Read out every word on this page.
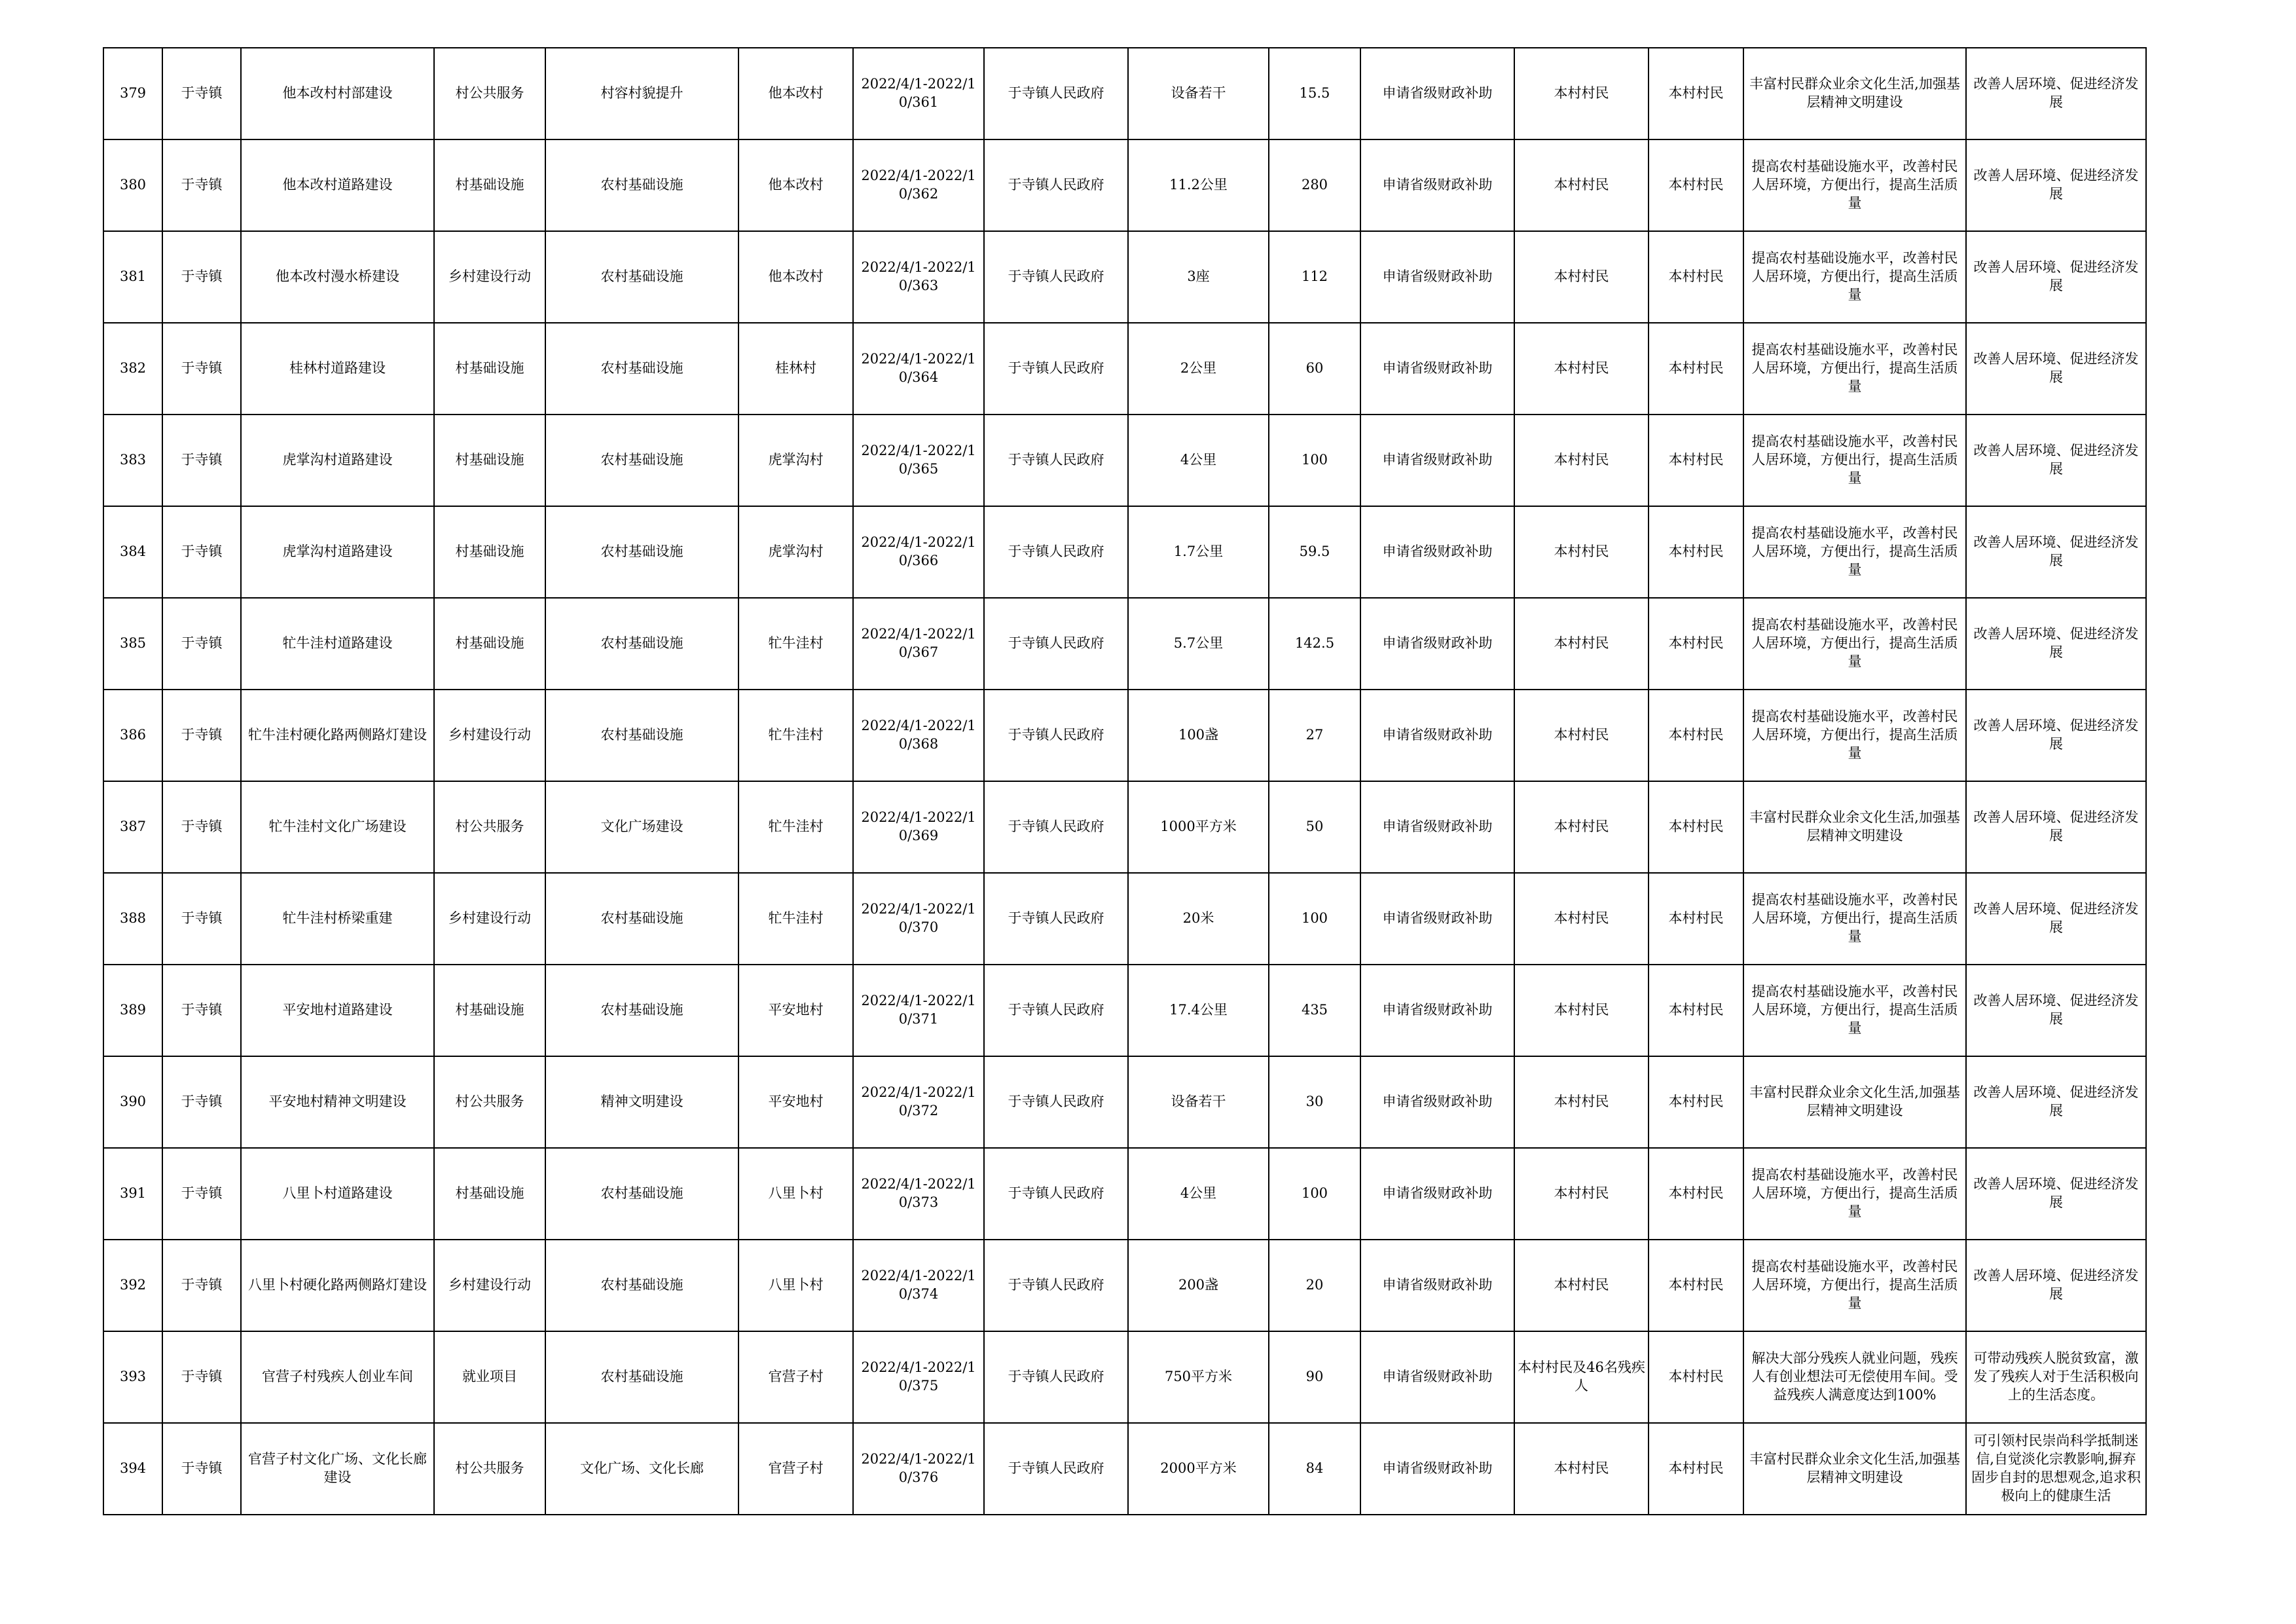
379	于寺镇	他本改村村部建设	村公共服务	村容村貌提升	他本改村	2022/4/1-2022/10/361	于寺镇人民政府	设备若干	15.5	申请省级财政补助	本村村民	本村村民	丰富村民群众业余文化生活,加强基层精神文明建设	改善人居环境、促进经济发展
380	于寺镇	他本改村道路建设	村基础设施	农村基础设施	他本改村	2022/4/1-2022/10/362	于寺镇人民政府	11.2公里	280	申请省级财政补助	本村村民	本村村民	提高农村基础设施水平，改善村民人居环境，方便出行，提高生活质量	改善人居环境、促进经济发展
381	于寺镇	他本改村漫水桥建设	乡村建设行动	农村基础设施	他本改村	2022/4/1-2022/10/363	于寺镇人民政府	3座	112	申请省级财政补助	本村村民	本村村民	提高农村基础设施水平，改善村民人居环境，方便出行，提高生活质量	改善人居环境、促进经济发展
382	于寺镇	桂林村道路建设	村基础设施	农村基础设施	桂林村	2022/4/1-2022/10/364	于寺镇人民政府	2公里	60	申请省级财政补助	本村村民	本村村民	提高农村基础设施水平，改善村民人居环境，方便出行，提高生活质量	改善人居环境、促进经济发展
383	于寺镇	虎掌沟村道路建设	村基础设施	农村基础设施	虎掌沟村	2022/4/1-2022/10/365	于寺镇人民政府	4公里	100	申请省级财政补助	本村村民	本村村民	提高农村基础设施水平，改善村民人居环境，方便出行，提高生活质量	改善人居环境、促进经济发展
384	于寺镇	虎掌沟村道路建设	村基础设施	农村基础设施	虎掌沟村	2022/4/1-2022/10/366	于寺镇人民政府	1.7公里	59.5	申请省级财政补助	本村村民	本村村民	提高农村基础设施水平，改善村民人居环境，方便出行，提高生活质量	改善人居环境、促进经济发展
385	于寺镇	牤牛洼村道路建设	村基础设施	农村基础设施	牤牛洼村	2022/4/1-2022/10/367	于寺镇人民政府	5.7公里	142.5	申请省级财政补助	本村村民	本村村民	提高农村基础设施水平，改善村民人居环境，方便出行，提高生活质量	改善人居环境、促进经济发展
386	于寺镇	牤牛洼村硬化路两侧路灯建设	乡村建设行动	农村基础设施	牤牛洼村	2022/4/1-2022/10/368	于寺镇人民政府	100盏	27	申请省级财政补助	本村村民	本村村民	提高农村基础设施水平，改善村民人居环境，方便出行，提高生活质量	改善人居环境、促进经济发展
387	于寺镇	牤牛洼村文化广场建设	村公共服务	文化广场建设	牤牛洼村	2022/4/1-2022/10/369	于寺镇人民政府	1000平方米	50	申请省级财政补助	本村村民	本村村民	丰富村民群众业余文化生活,加强基层精神文明建设	改善人居环境、促进经济发展
388	于寺镇	牤牛洼村桥梁重建	乡村建设行动	农村基础设施	牤牛洼村	2022/4/1-2022/10/370	于寺镇人民政府	20米	100	申请省级财政补助	本村村民	本村村民	提高农村基础设施水平，改善村民人居环境，方便出行，提高生活质量	改善人居环境、促进经济发展
389	于寺镇	平安地村道路建设	村基础设施	农村基础设施	平安地村	2022/4/1-2022/10/371	于寺镇人民政府	17.4公里	435	申请省级财政补助	本村村民	本村村民	提高农村基础设施水平，改善村民人居环境，方便出行，提高生活质量	改善人居环境、促进经济发展
390	于寺镇	平安地村精神文明建设	村公共服务	精神文明建设	平安地村	2022/4/1-2022/10/372	于寺镇人民政府	设备若干	30	申请省级财政补助	本村村民	本村村民	丰富村民群众业余文化生活,加强基层精神文明建设	改善人居环境、促进经济发展
391	于寺镇	八里卜村道路建设	村基础设施	农村基础设施	八里卜村	2022/4/1-2022/10/373	于寺镇人民政府	4公里	100	申请省级财政补助	本村村民	本村村民	提高农村基础设施水平，改善村民人居环境，方便出行，提高生活质量	改善人居环境、促进经济发展
392	于寺镇	八里卜村硬化路两侧路灯建设	乡村建设行动	农村基础设施	八里卜村	2022/4/1-2022/10/374	于寺镇人民政府	200盏	20	申请省级财政补助	本村村民	本村村民	提高农村基础设施水平，改善村民人居环境，方便出行，提高生活质量	改善人居环境、促进经济发展
393	于寺镇	官营子村残疾人创业车间	就业项目	农村基础设施	官营子村	2022/4/1-2022/10/375	于寺镇人民政府	750平方米	90	申请省级财政补助	本村村民及46名残疾人	本村村民	解决大部分残疾人就业问题，残疾人有创业想法可无偿使用车间。受益残疾人满意度达到100%	可带动残疾人脱贫致富，激发了残疾人对于生活积极向上的生活态度。
394	于寺镇	官营子村文化广场、文化长廊建设	村公共服务	文化广场、文化长廊	官营子村	2022/4/1-2022/10/376	于寺镇人民政府	2000平方米	84	申请省级财政补助	本村村民	本村村民	丰富村民群众业余文化生活,加强基层精神文明建设	可引领村民崇尚科学抵制迷信,自觉淡化宗教影响,摒弃固步自封的思想观念,追求积极向上的健康生活
